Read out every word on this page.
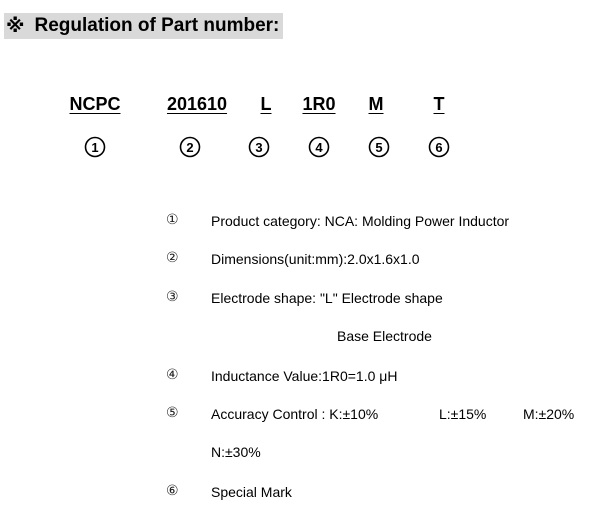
※ Regulation of Part number:
NCPC	201610 L 1R0 M	T
1	2	3	4	5	6
① Product category: NCA: Molding Power Inductor
② Dimensions(unit:mm):2.0x1.6x1.0
③ Electrode shape: "L" Electrode shape
Base Electrode
④ Inductance Value:1R0=1.0 μH
⑤ Accuracy Control : K:±10%	L:±15%	M:±20%
N:±30%
⑥ Special Mark
